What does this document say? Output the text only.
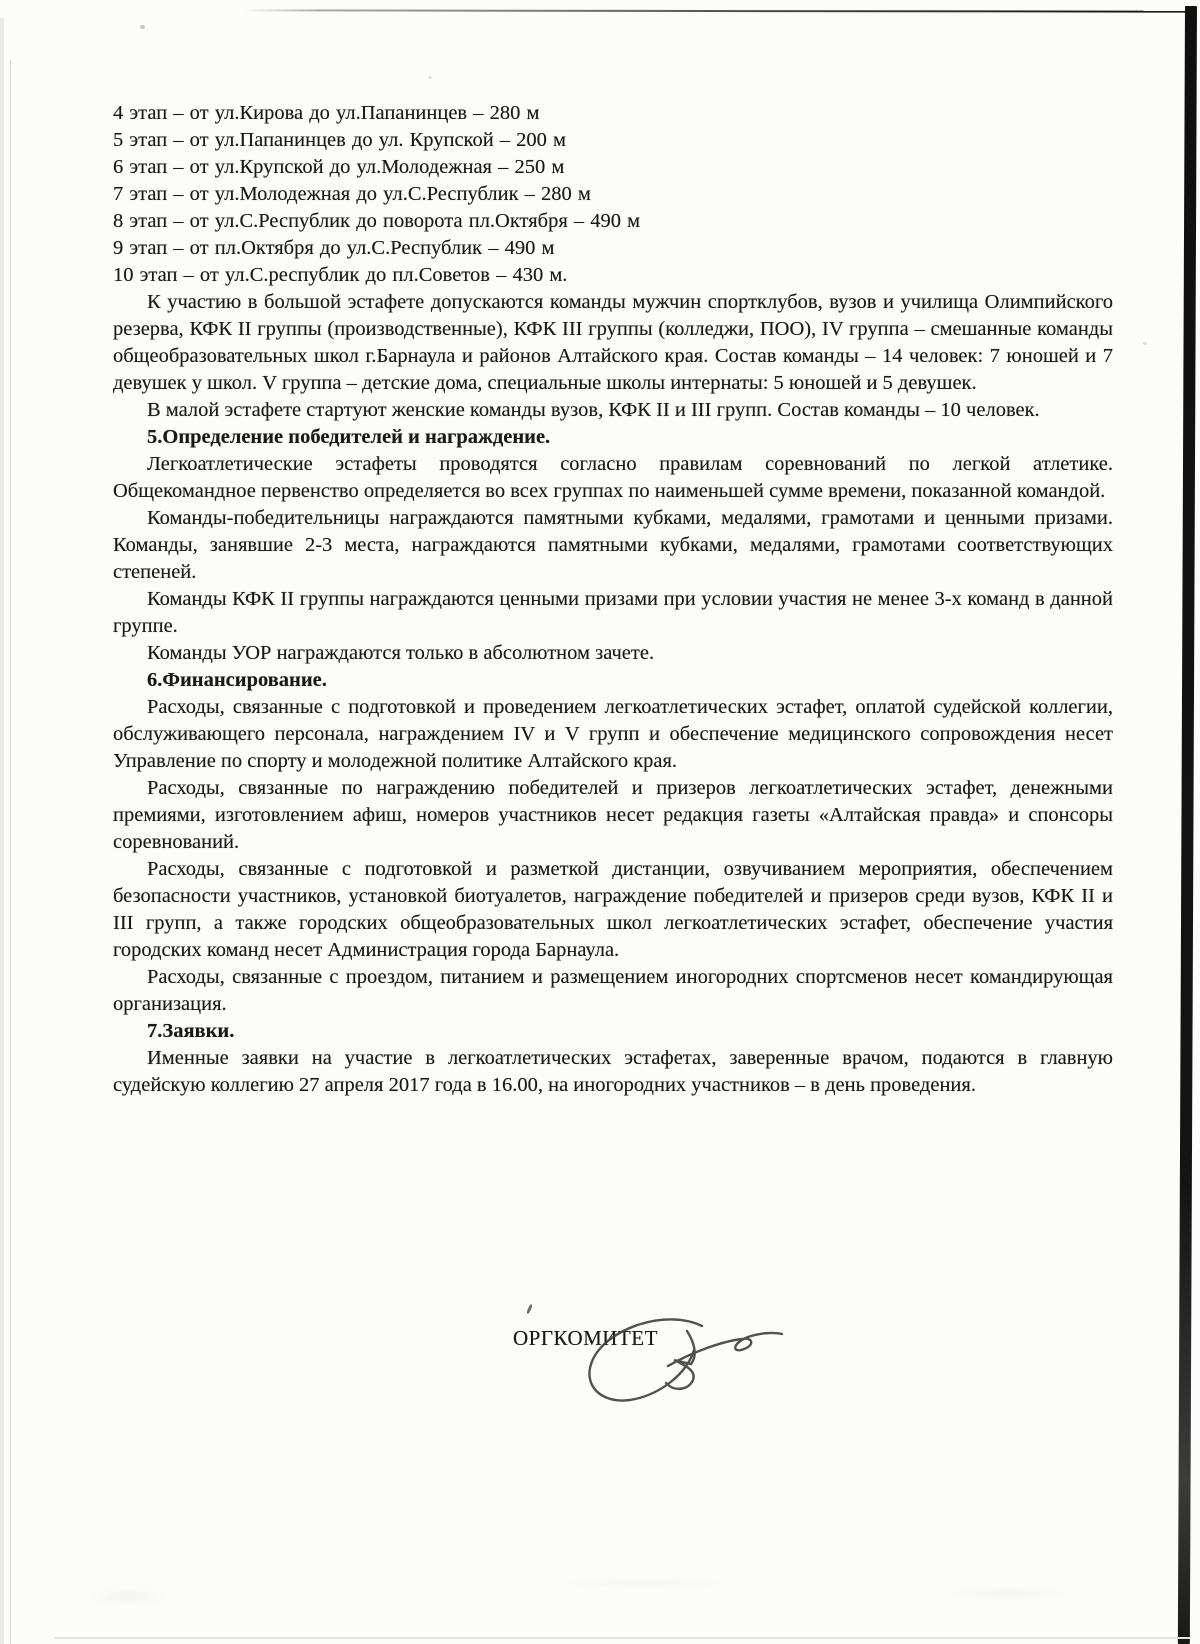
4 этап – от ул.Кирова до ул.Папанинцев – 280 м

5 этап – от ул.Папанинцев до ул. Крупской – 200 м

6 этап – от ул.Крупской до ул.Молодежная – 250 м

7 этап – от ул.Молодежная до ул.С.Республик – 280 м

8 этап – от ул.С.Республик до поворота пл.Октября – 490 м

9 этап – от пл.Октября до ул.С.Республик – 490 м

10 этап – от ул.С.республик до пл.Советов – 430 м.

К участию в большой эстафете допускаются команды мужчин спортклубов, вузов и училища Олимпийского резерва, КФК II группы (производственные), КФК III группы (колледжи, ПОО), IV группа – смешанные команды общеобразовательных школ г.Барнаула и районов Алтайского края. Состав команды – 14 человек: 7 юношей и 7 девушек у школ. V группа – детские дома, специальные школы интернаты: 5 юношей и 5 девушек.

В малой эстафете стартуют женские команды вузов, КФК II и III групп. Состав команды – 10 человек.

5.Определение победителей и награждение.

Легкоатлетические эстафеты проводятся согласно правилам соревнований по легкой атлетике. Общекомандное первенство определяется во всех группах по наименьшей сумме времени, показанной командой.

Команды-победительницы награждаются памятными кубками, медалями, грамотами и ценными призами. Команды, занявшие 2-3 места, награждаются памятными кубками, медалями, грамотами соответствующих степеней.

Команды КФК II группы награждаются ценными призами при условии участия не менее 3-х команд в данной группе.

Команды УОР награждаются только в абсолютном зачете.

6.Финансирование.

Расходы, связанные с подготовкой и проведением легкоатлетических эстафет, оплатой судейской коллегии, обслуживающего персонала, награждением IV и V групп и обеспечение медицинского сопровождения несет Управление по спорту и молодежной политике Алтайского края.

Расходы, связанные по награждению победителей и призеров легкоатлетических эстафет, денежными премиями, изготовлением афиш, номеров участников несет редакция газеты «Алтайская правда» и спонсоры соревнований.

Расходы, связанные с подготовкой и разметкой дистанции, озвучиванием мероприятия, обеспечением безопасности участников, установкой биотуалетов, награждение победителей и призеров среди вузов, КФК II и III групп, а также городских общеобразовательных школ легкоатлетических эстафет, обеспечение участия городских команд несет Администрация города Барнаула.

Расходы, связанные с проездом, питанием и размещением иногородних спортсменов несет командирующая организация.

7.Заявки.

Именные заявки на участие в легкоатлетических эстафетах, заверенные врачом, подаются в главную судейскую коллегию 27 апреля 2017 года в 16.00, на иногородних участников – в день проведения.

ОРГКОМИТЕТ
